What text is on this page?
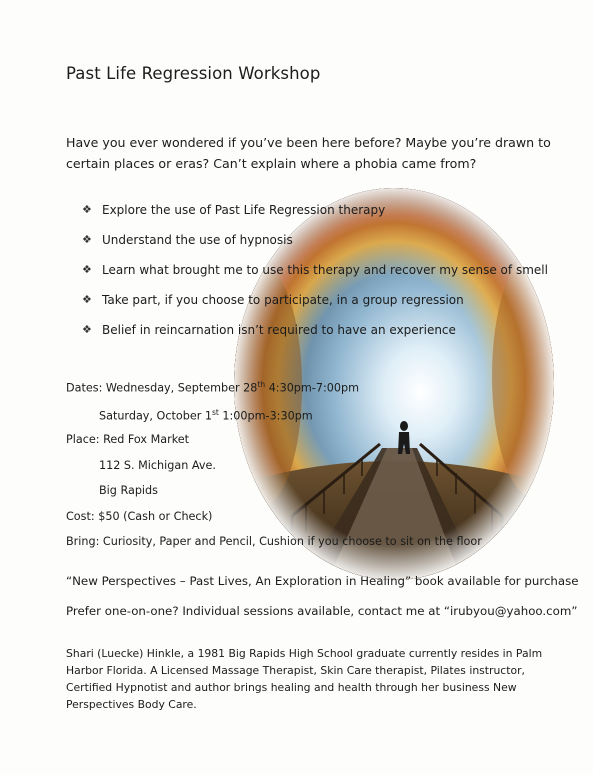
Past Life Regression Workshop
Have you ever wondered if you’ve been here before? Maybe you’re drawn to certain places or eras? Can’t explain where a phobia came from?
❖ Explore the use of Past Life Regression therapy
❖ Understand the use of hypnosis
❖ Learn what brought me to use this therapy and recover my sense of smell
❖ Take part, if you choose to participate, in a group regression
❖ Belief in reincarnation isn’t required to have an experience
Dates: Wednesday, September 28th 4:30pm-7:00pm
Saturday, October 1st 1:00pm-3:30pm
Place: Red Fox Market
112 S. Michigan Ave.
Big Rapids
Cost: $50 (Cash or Check)
Bring: Curiosity, Paper and Pencil, Cushion if you choose to sit on the floor
“New Perspectives – Past Lives, An Exploration in Healing” book available for purchase
Prefer one-on-one? Individual sessions available, contact me at “irubyou@yahoo.com”
Shari (Luecke) Hinkle, a 1981 Big Rapids High School graduate currently resides in Palm Harbor Florida. A Licensed Massage Therapist, Skin Care therapist, Pilates instructor, Certified Hypnotist and author brings healing and health through her business New Perspectives Body Care.
